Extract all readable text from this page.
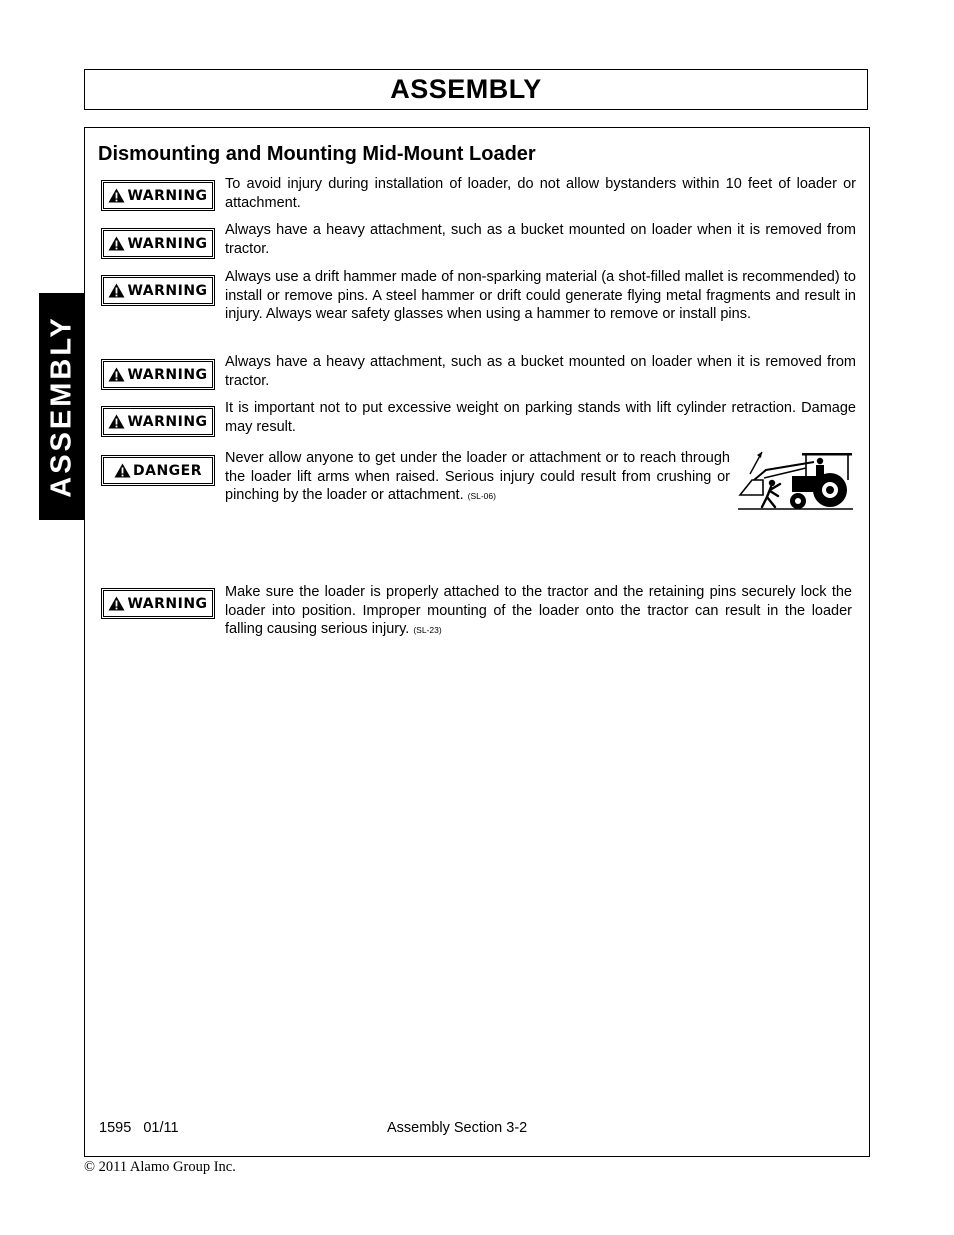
ASSEMBLY
ASSEMBLY
Dismounting and Mounting Mid-Mount Loader
WARNING
To avoid injury during installation of loader, do not allow bystanders within 10 feet of loader or attachment.
WARNING
Always have a heavy attachment, such as a bucket mounted on loader when it is removed from tractor.
WARNING
Always use a drift hammer made of non-sparking material (a shot-filled mallet is recommended) to install or remove pins. A steel hammer or drift could generate flying metal fragments and result in injury. Always wear safety glasses when using a hammer to remove or install pins.
WARNING
Always have a heavy attachment, such as a bucket mounted on loader when it is removed from tractor.
WARNING
It is important not to put excessive weight on parking stands with lift cylinder retraction. Damage may result.
DANGER
Never allow anyone to get under the loader or attachment or to reach through the loader lift arms when raised. Serious injury could result from crushing or pinching by the loader or attachment. (SL-06)
WARNING
Make sure the loader is properly attached to the tractor and the retaining pins securely lock the loader into position. Improper mounting of the loader onto the tractor can result in the loader falling causing serious injury. (SL-23)
1595   01/11	Assembly Section 3-2
© 2011 Alamo Group Inc.
